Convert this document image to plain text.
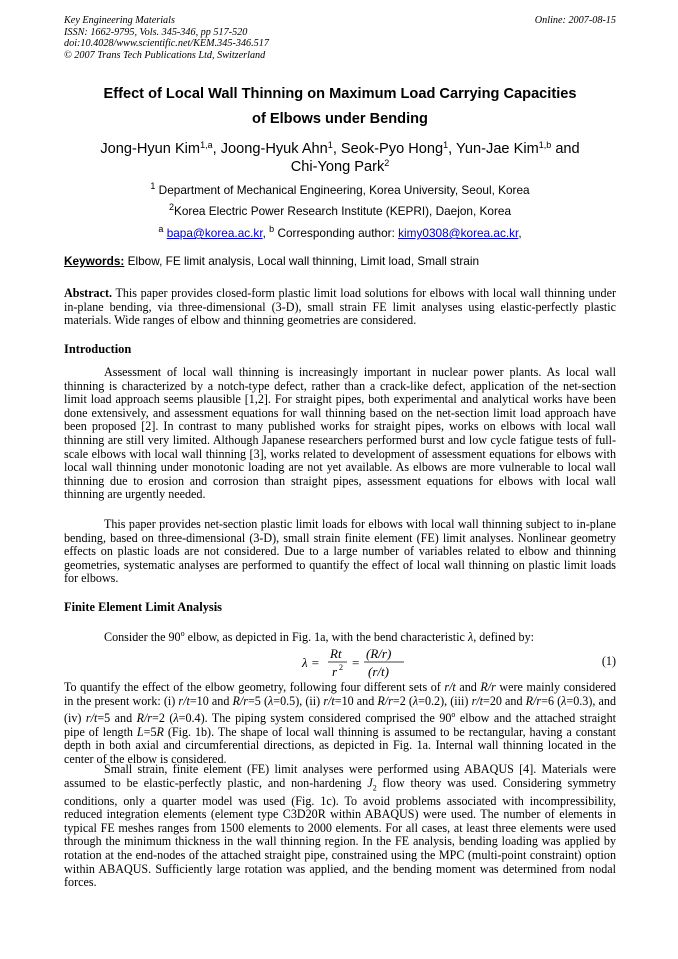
Key Engineering Materials
ISSN: 1662-9795, Vols. 345-346, pp 517-520
doi:10.4028/www.scientific.net/KEM.345-346.517
© 2007 Trans Tech Publications Ltd, Switzerland
Online: 2007-08-15
Effect of Local Wall Thinning on Maximum Load Carrying Capacities
of Elbows under Bending
Jong-Hyun Kim$^{1,a}$, Joong-Hyuk Ahn$^1$, Seok-Pyo Hong$^1$, Yun-Jae Kim$^{1,b}$ and
Chi-Yong Park$^2$
$^1$ Department of Mechanical Engineering, Korea University, Seoul, Korea
$^2$Korea Electric Power Research Institute (KEPRI), Daejon, Korea
$^a$ bapa@korea.ac.kr, $^b$ Corresponding author: kimy0308@korea.ac.kr,
Keywords: Elbow, FE limit analysis, Local wall thinning, Limit load, Small strain
Abstract. This paper provides closed-form plastic limit load solutions for elbows with local wall thinning under in-plane bending, via three-dimensional (3-D), small strain FE limit analyses using elastic-perfectly plastic materials. Wide ranges of elbow and thinning geometries are considered.
Introduction
Assessment of local wall thinning is increasingly important in nuclear power plants. As local wall thinning is characterized by a notch-type defect, rather than a crack-like defect, application of the net-section limit load approach seems plausible [1,2]. For straight pipes, both experimental and analytical works have been done extensively, and assessment equations for wall thinning based on the net-section limit load approach have been proposed [2]. In contrast to many published works for straight pipes, works on elbows with local wall thinning are still very limited. Although Japanese researchers performed burst and low cycle fatigue tests of full-scale elbows with local wall thinning [3], works related to development of assessment equations for elbows with local wall thinning under monotonic loading are not yet available. As elbows are more vulnerable to local wall thinning due to erosion and corrosion than straight pipes, assessment equations for elbows with local wall thinning are urgently needed.
This paper provides net-section plastic limit loads for elbows with local wall thinning subject to in-plane bending, based on three-dimensional (3-D), small strain finite element (FE) limit analyses. Nonlinear geometry effects on plastic loads are not considered. Due to a large number of variables related to elbow and thinning geometries, systematic analyses are performed to quantify the effect of local wall thinning on plastic limit loads for elbows.
Finite Element Limit Analysis
Consider the 90$^o$ elbow, as depicted in Fig. 1a, with the bend characteristic λ, defined by:
λ =
Rt
r 2 =
(R/r)
(r/t)
(1)
To quantify the effect of the elbow geometry, following four different sets of r/t and R/r were mainly considered in the present work: (i) r/t=10 and R/r=5 (λ=0.5), (ii) r/t=10 and R/r=2 (λ=0.2), (iii) r/t=20 and R/r=6 (λ=0.3), and (iv) r/t=5 and R/r=2 (λ=0.4). The piping system considered comprised the 90$^o$ elbow and the attached straight pipe of length L=5R (Fig. 1b). The shape of local wall thinning is assumed to be rectangular, having a constant depth in both axial and circumferential directions, as depicted in Fig. 1a. Internal wall thinning located in the center of the elbow is considered.
Small strain, finite element (FE) limit analyses were performed using ABAQUS [4]. Materials were assumed to be elastic-perfectly plastic, and non-hardening $J_2$ flow theory was used. Considering symmetry conditions, only a quarter model was used (Fig. 1c). To avoid problems associated with incompressibility, reduced integration elements (element type C3D20R within ABAQUS) were used. The number of elements in typical FE meshes ranges from 1500 elements to 2000 elements. For all cases, at least three elements were used through the minimum thickness in the wall thinning region. In the FE analysis, bending loading was applied by rotation at the end-nodes of the attached straight pipe, constrained using the MPC (multi-point constraint) option within ABAQUS. Sufficiently large rotation was applied, and the bending moment was determined from nodal forces.
